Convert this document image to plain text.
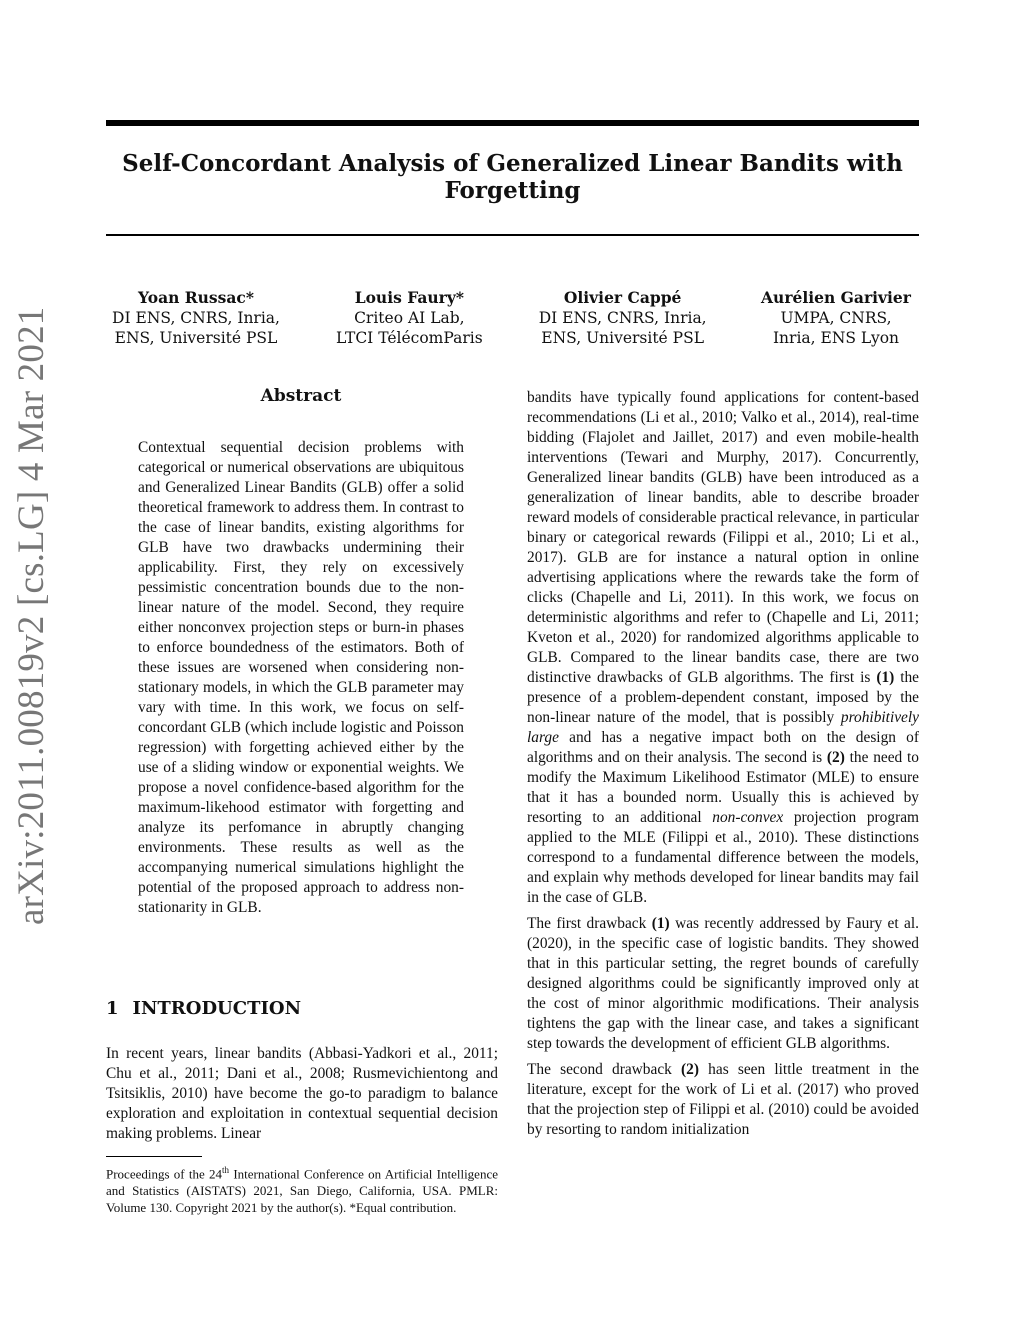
Self-Concordant Analysis of Generalized Linear Bandits with Forgetting
Yoan Russac*
DI ENS, CNRS, Inria,
ENS, Université PSL
Louis Faury*
Criteo AI Lab,
LTCI TélécomParis
Olivier Cappé
DI ENS, CNRS, Inria,
ENS, Université PSL
Aurélien Garivier
UMPA, CNRS,
Inria, ENS Lyon
arXiv:2011.00819v2 [cs.LG] 4 Mar 2021	Abstract
Contextual sequential decision problems with categorical or numerical observations are ubiquitous and Generalized Linear Bandits (GLB) offer a solid theoretical framework to address them. In contrast to the case of linear bandits, existing algorithms for GLB have two drawbacks undermining their applicability. First, they rely on excessively pessimistic concentration bounds due to the non-linear nature of the model. Second, they require either nonconvex projection steps or burn-in phases to enforce boundedness of the estimators. Both of these issues are worsened when considering non-stationary models, in which the GLB parameter may vary with time. In this work, we focus on self-concordant GLB (which include logistic and Poisson regression) with forgetting achieved either by the use of a sliding window or exponential weights. We propose a novel confidence-based algorithm for the maximum-likehood estimator with forgetting and analyze its perfomance in abruptly changing environments. These results as well as the accompanying numerical simulations highlight the potential of the proposed approach to address non-stationarity in GLB.
1 INTRODUCTION
In recent years, linear bandits (Abbasi-Yadkori et al., 2011; Chu et al., 2011; Dani et al., 2008; Rusmevichientong and Tsitsiklis, 2010) have become the go-to paradigm to balance exploration and exploitation in contextual sequential decision making problems. Linear
Proceedings of the 24th International Conference on Artificial Intelligence and Statistics (AISTATS) 2021, San Diego, California, USA. PMLR: Volume 130. Copyright 2021 by the author(s). *Equal contribution.

bandits have typically found applications for content-based recommendations (Li et al., 2010; Valko et al., 2014), real-time bidding (Flajolet and Jaillet, 2017) and even mobile-health interventions (Tewari and Murphy, 2017). Concurrently, Generalized linear bandits (GLB) have been introduced as a generalization of linear bandits, able to describe broader reward models of considerable practical relevance, in particular binary or categorical rewards (Filippi et al., 2010; Li et al., 2017). GLB are for instance a natural option in online advertising applications where the rewards take the form of clicks (Chapelle and Li, 2011). In this work, we focus on deterministic algorithms and refer to (Chapelle and Li, 2011; Kveton et al., 2020) for randomized algorithms applicable to GLB. Compared to the linear bandits case, there are two distinctive drawbacks of GLB algorithms. The first is (1) the presence of a problem-dependent constant, imposed by the non-linear nature of the model, that is possibly prohibitively large and has a negative impact both on the design of algorithms and on their analysis. The second is (2) the need to modify the Maximum Likelihood Estimator (MLE) to ensure that it has a bounded norm. Usually this is achieved by resorting to an additional non-convex projection program applied to the MLE (Filippi et al., 2010). These distinctions correspond to a fundamental difference between the models, and explain why methods developed for linear bandits may fail in the case of GLB.

The first drawback (1) was recently addressed by Faury et al. (2020), in the specific case of logistic bandits. They showed that in this particular setting, the regret bounds of carefully designed algorithms could be significantly improved only at the cost of minor algorithmic modifications. Their analysis tightens the gap with the linear case, and takes a significant step towards the development of efficient GLB algorithms.

The second drawback (2) has seen little treatment in the literature, except for the work of Li et al. (2017) who proved that the projection step of Filippi et al. (2010) could be avoided by resorting to random initialization
